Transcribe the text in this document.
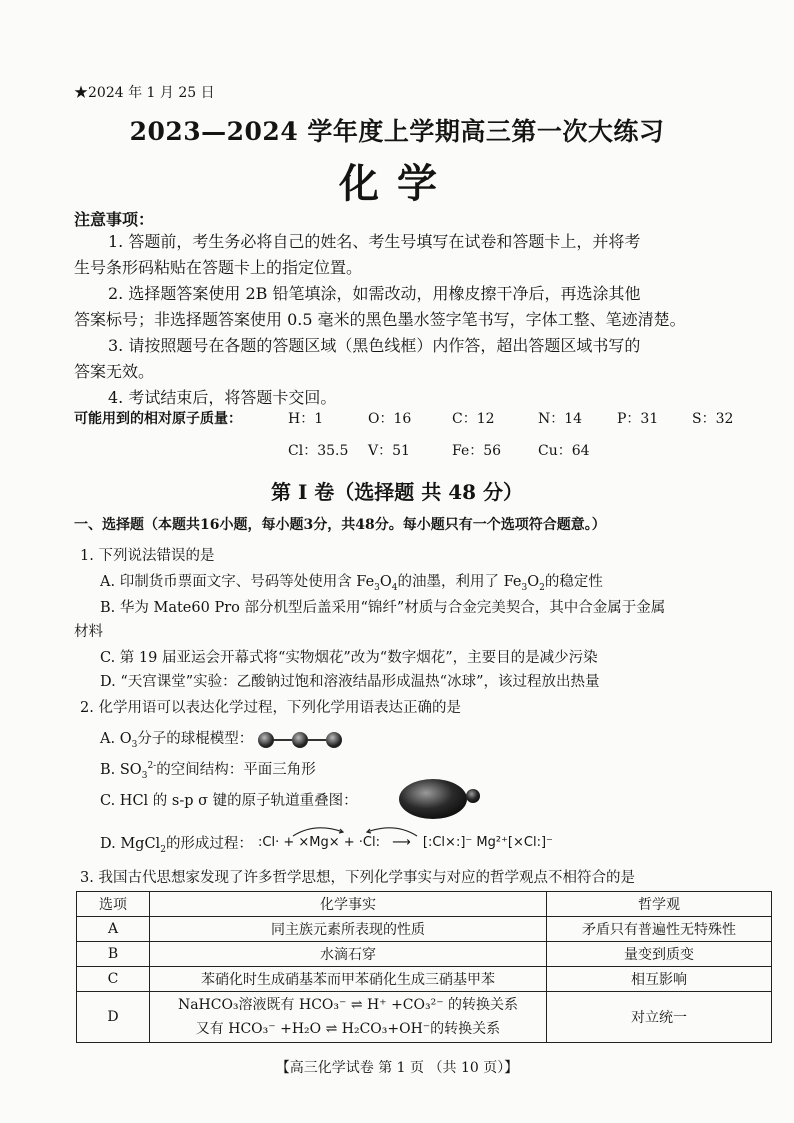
★2024 年 1 月 25 日
2023—2024 学年度上学期高三第一次大练习
化学
注意事项：
1. 答题前，考生务必将自己的姓名、考生号填写在试卷和答题卡上，并将考
生号条形码粘贴在答题卡上的指定位置。
2. 选择题答案使用 2B 铅笔填涂，如需改动，用橡皮擦干净后，再选涂其他
答案标号；非选择题答案使用 0.5 毫米的黑色墨水签字笔书写，字体工整、笔迹清楚。
3. 请按照题号在各题的答题区域（黑色线框）内作答，超出答题区域书写的
答案无效。
4. 考试结束后，将答题卡交回。
可能用到的相对原子质量：	H：1	O：16	C：12	N：14 P：31 S：32
Cl：35.5 V：51	Fe：56	Cu：64
第 I 卷（选择题 共 48 分）
一、选择题（本题共16小题，每小题3分，共48分。每小题只有一个选项符合题意。）
1. 下列说法错误的是
A. 印制货币票面文字、号码等处使用含 $Fe_3O_4$的油墨，利用了 $Fe_3O_2$的稳定性
B. 华为 Mate60 Pro 部分机型后盖采用“锦纤”材质与合金完美契合，其中合金属于金属
材料
C. 第 19 届亚运会开幕式将“实物烟花”改为“数字烟花”，主要目的是减少污染
D. “天宫课堂”实验：乙酸钠过饱和溶液结晶形成温热“冰球”，该过程放出热量
2. 化学用语可以表达化学过程，下列化学用语表达正确的是
A. $O_3$分子的球棍模型：
B. $SO_3^{2-}$的空间结构：平面三角形
C. HCl 的 s-p σ 键的原子轨道重叠图：
D. MgCl$_2$的形成过程： :Cl· + ×Mg× + ·Cl: ⟶ [:Cl×:]⁻ Mg²⁺[×Cl:]⁻
3. 我国古代思想家发现了许多哲学思想，下列化学事实与对应的哲学观点不相符合的是
选项	化学事实	哲学观
A	同主族元素所表现的性质	矛盾只有普遍性无特殊性
B	水滴石穿	量变到质变
C	苯硝化时生成硝基苯而甲苯硝化生成三硝基甲苯	相互影响
D	NaHCO₃溶液既有 HCO₃⁻ ⇌ H⁺ +CO₃²⁻ 的转换关系
又有 HCO₃⁻ +H₂O ⇌ H₂CO₃+OH⁻的转换关系	对立统一
【高三化学试卷 第 1 页 （共 10 页）】
